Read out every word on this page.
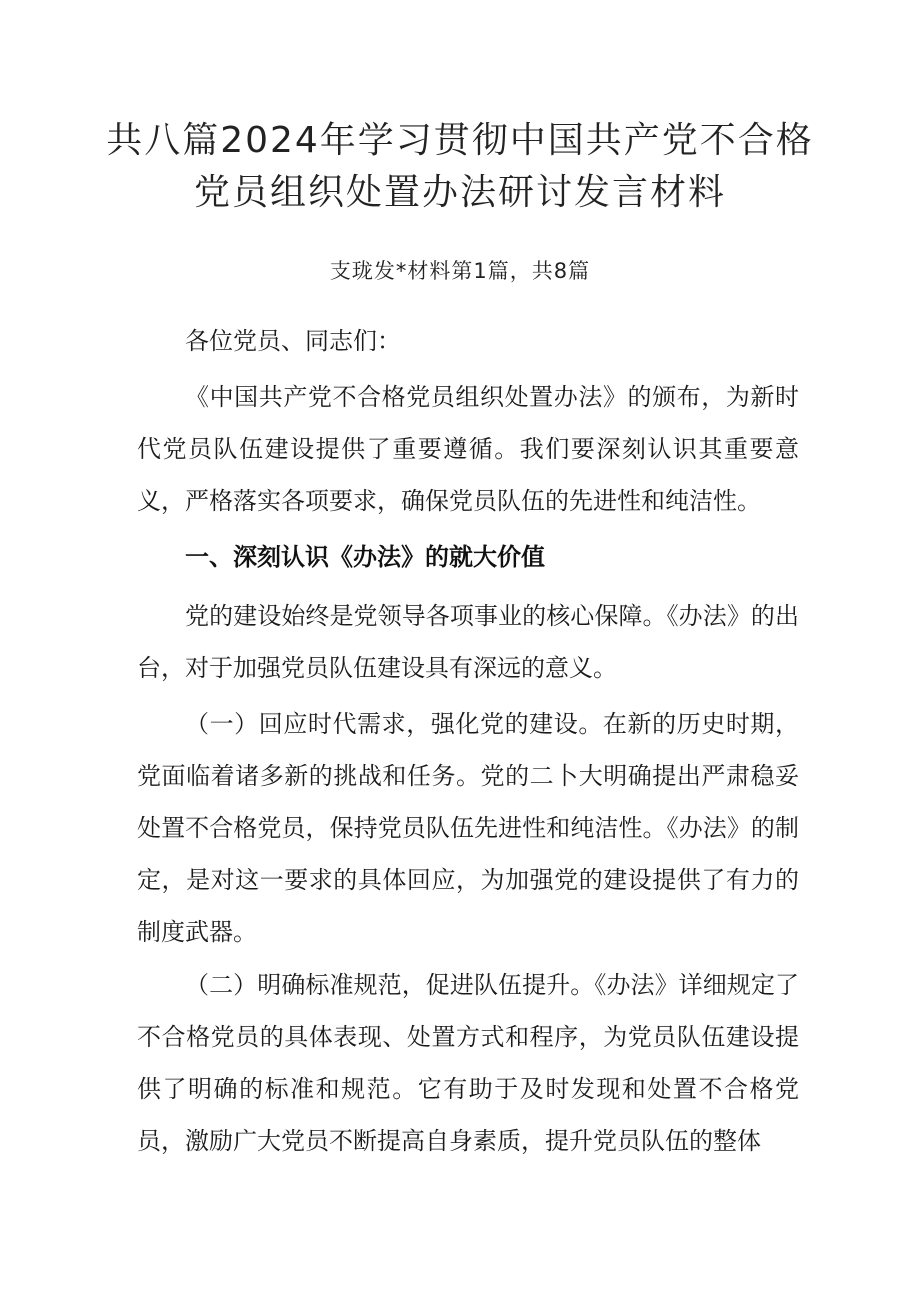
共八篇2024年学习贯彻中国共产党不合格
党员组织处置办法研讨发言材料
支珑发*材料第1篇，共8篇

各位党员、同志们：

《中国共产党不合格党员组织处置办法》的颁布，为新时代党员队伍建设提供了重要遵循。我们要深刻认识其重要意义，严格落实各项要求，确保党员队伍的先进性和纯洁性。

一、深刻认识《办法》的就大价值

党的建设始终是党领导各项事业的核心保障。《办法》的出台，对于加强党员队伍建设具有深远的意义。

（一）回应时代需求，强化党的建设。在新的历史时期，党面临着诸多新的挑战和任务。党的二卜大明确提出严肃稳妥处置不合格党员，保持党员队伍先进性和纯洁性。《办法》的制定，是对这一要求的具体回应，为加强党的建设提供了有力的制度武器。

（二）明确标准规范，促进队伍提升。《办法》详细规定了不合格党员的具体表现、处置方式和程序，为党员队伍建设提供了明确的标准和规范。它有助于及时发现和处置不合格党员，激励广大党员不断提高自身素质，提升党员队伍的整体
